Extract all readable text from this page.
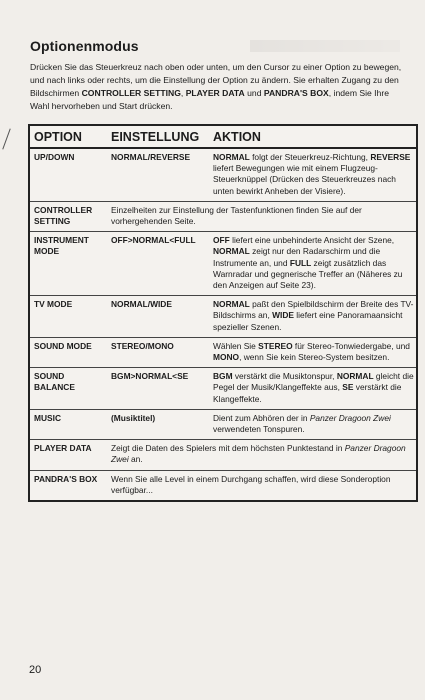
Optionenmodus
Drücken Sie das Steuerkreuz nach oben oder unten, um den Cursor zu einer Option zu bewegen, und nach links oder rechts, um die Einstellung der Option zu ändern. Sie erhalten Zugang zu den Bildschirmen CONTROLLER SETTING, PLAYER DATA und PANDRA'S BOX, indem Sie Ihre Wahl hervorheben und Start drücken.
OPTION	EINSTELLUNG	AKTION
UP/DOWN	NORMAL/REVERSE	NORMAL folgt der Steuerkreuz-Richtung, REVERSE liefert Bewegungen wie mit einem Flugzeug-Steuerknüppel (Drücken des Steuerkreuzes nach unten bewirkt Anheben der Visiere).
CONTROLLER SETTING	Einzelheiten zur Einstellung der Tastenfunktionen finden Sie auf der vorhergehenden Seite.	
INSTRUMENT MODE	OFF>NORMAL<FULL	OFF liefert eine unbehinderte Ansicht der Szene, NORMAL zeigt nur den Radarschirm und die Instrumente an, und FULL zeigt zusätzlich das Warnradar und gegnerische Treffer an (Näheres zu den Anzeigen auf Seite 23).
TV MODE	NORMAL/WIDE	NORMAL paßt den Spielbildschirm der Breite des TV-Bildschirms an, WIDE liefert eine Panoramaansicht spezieller Szenen.
SOUND MODE	STEREO/MONO	Wählen Sie STEREO für Stereo-Tonwiedergabe, und MONO, wenn Sie kein Stereo-System besitzen.
SOUND BALANCE	BGM>NORMAL<SE	BGM verstärkt die Musiktonspur, NORMAL gleicht die Pegel der Musik/Klangeffekte aus, SE verstärkt die Klangeffekte.
MUSIC	(Musiktitel)	Dient zum Abhören der in Panzer Dragoon Zwei verwendeten Tonspuren.
PLAYER DATA	Zeigt die Daten des Spielers mit dem höchsten Punktestand in Panzer Dragoon Zwei an.	
PANDRA'S BOX	Wenn Sie alle Level in einem Durchgang schaffen, wird diese Sonderoption verfügbar...	
20
